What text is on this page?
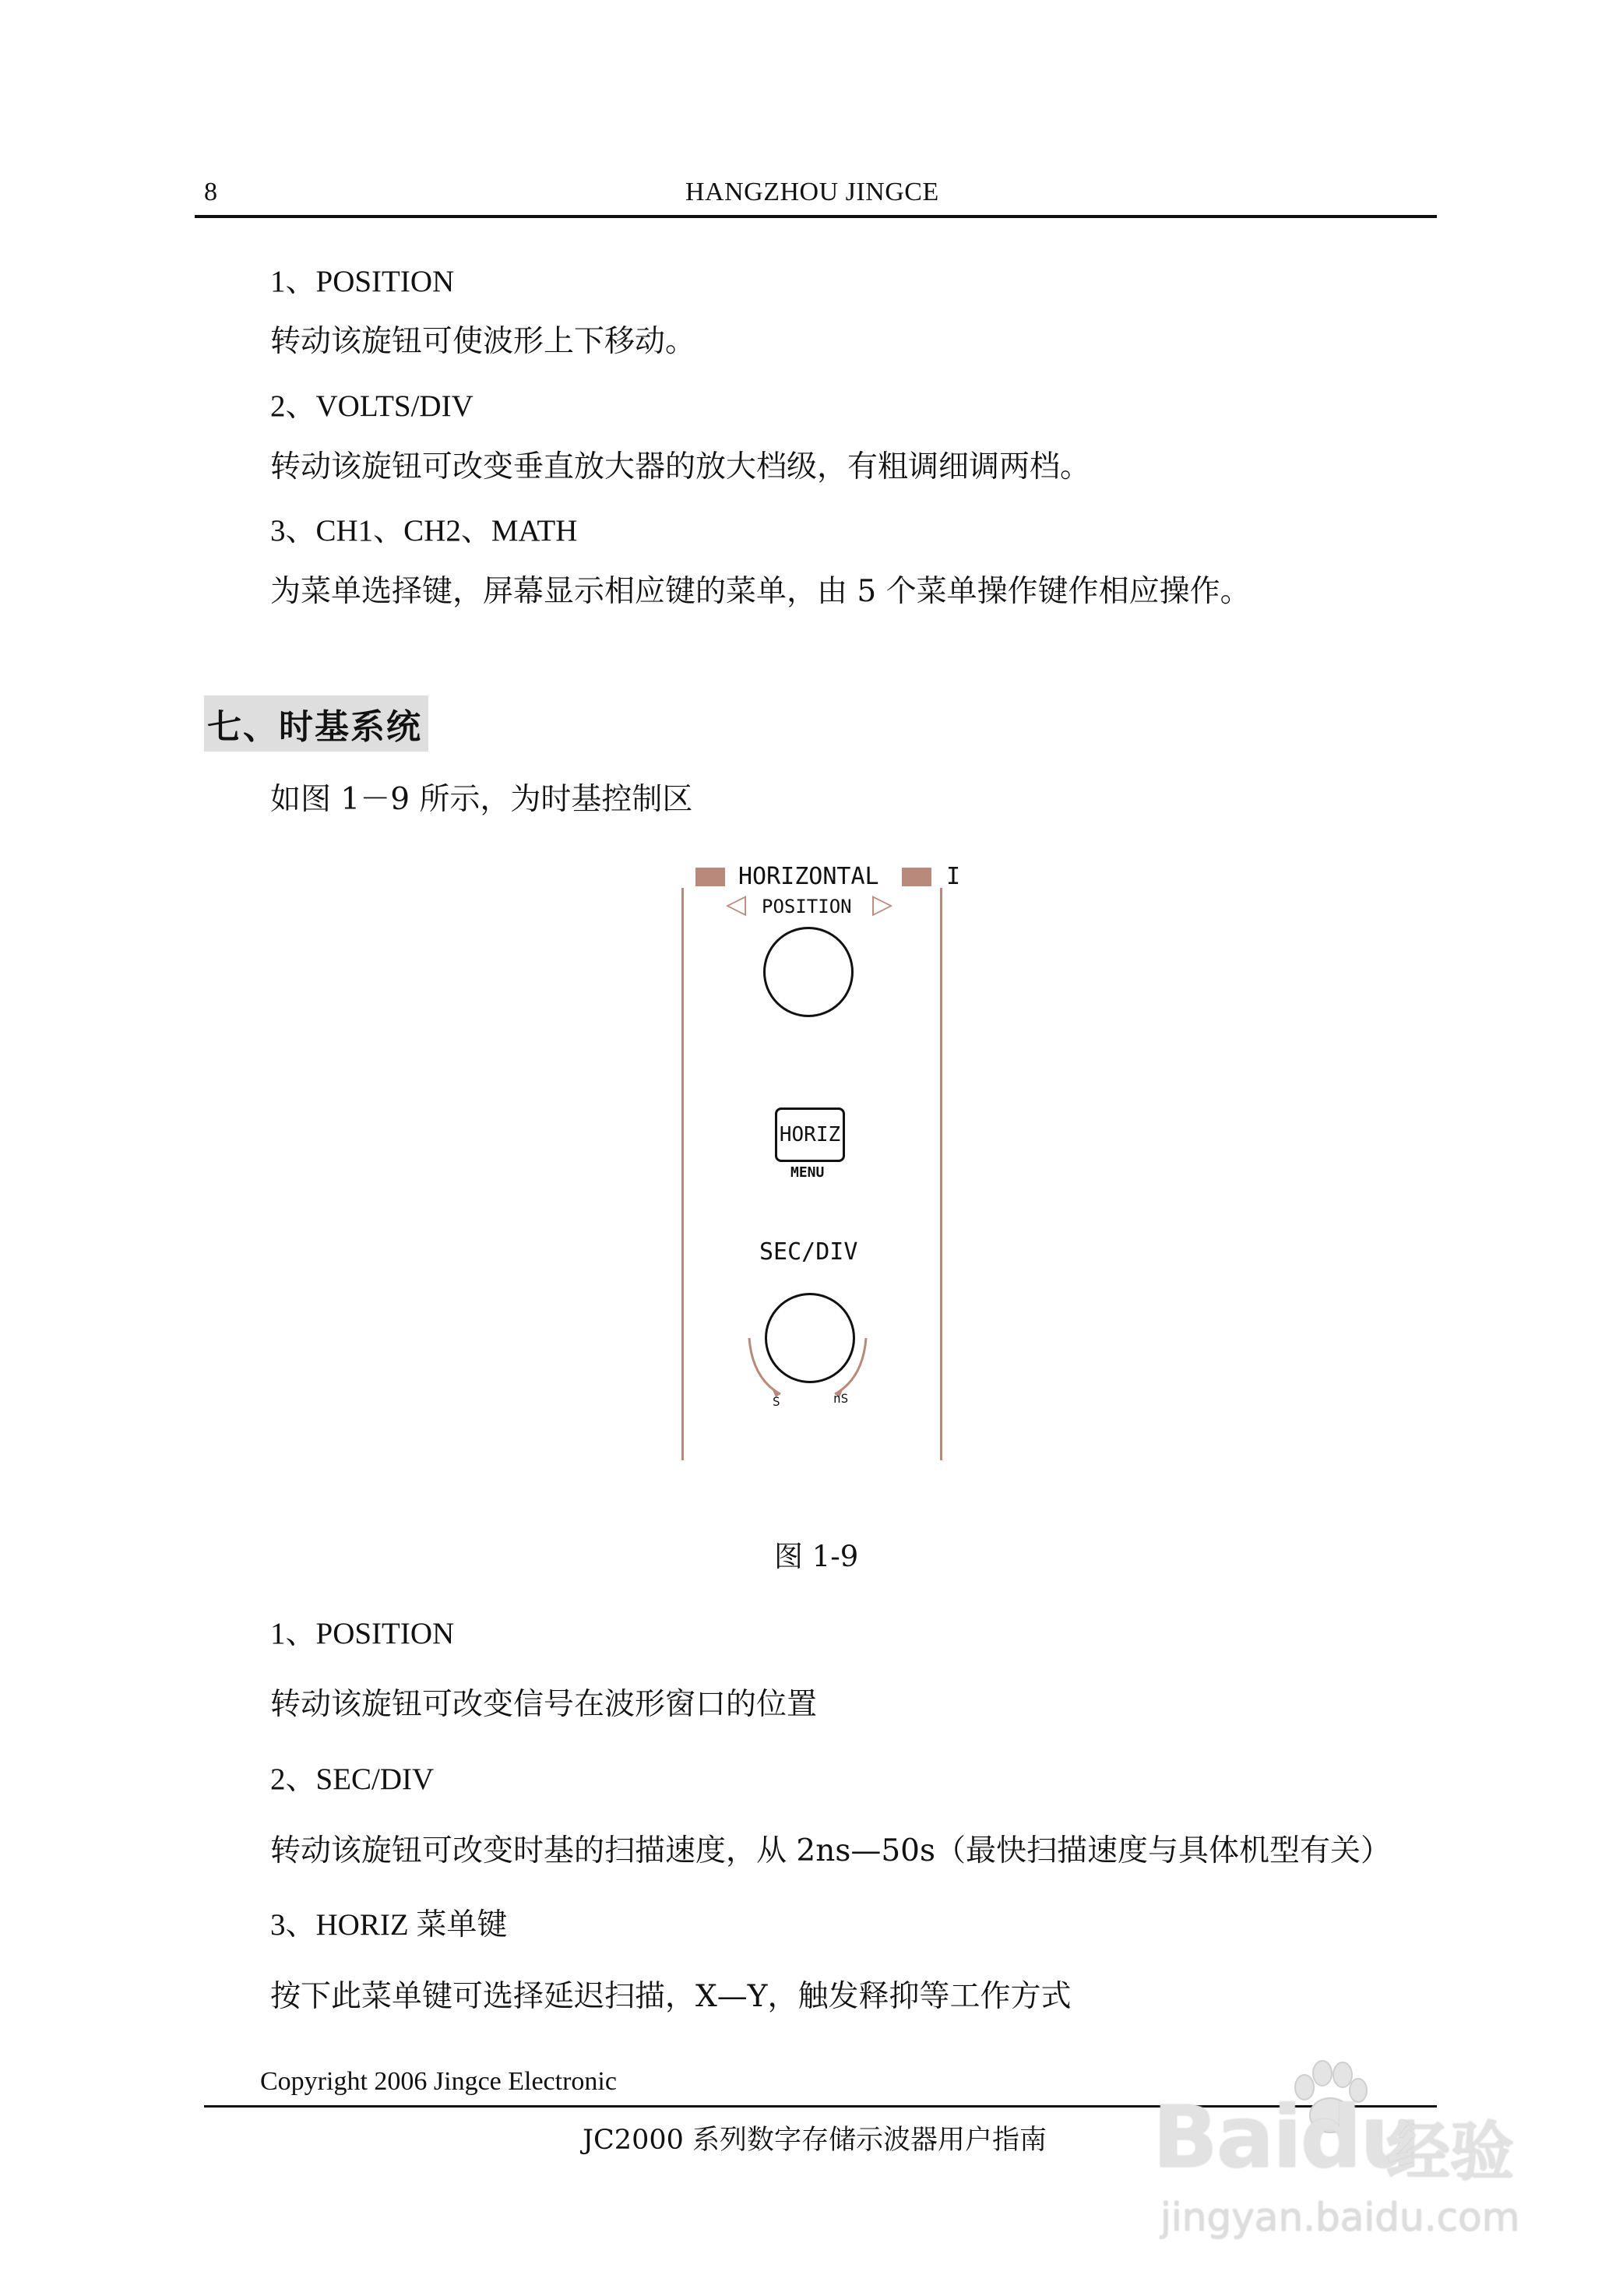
8	HANGZHOU JINGCE
1、POSITION
转动该旋钮可使波形上下移动。
2、VOLTS/DIV
转动该旋钮可改变垂直放大器的放大档级，有粗调细调两档。
3、CH1、CH2、MATH
为菜单选择键，屏幕显示相应键的菜单，由 5 个菜单操作键作相应操作。
七、时基系统
如图 1－9 所示，为时基控制区
HORIZONTAL	I
◁ POSITION ▷
HORIZ
MENU
SEC/DIV
S	nS
图 1-9
1、POSITION
转动该旋钮可改变信号在波形窗口的位置
2、SEC/DIV
转动该旋钮可改变时基的扫描速度，从 2ns—50s（最快扫描速度与具体机型有关）
3、HORIZ 菜单键
按下此菜单键可选择延迟扫描，X—Y，触发释抑等工作方式
Copyright 2006 Jingce Electronic
JC2000 系列数字存储示波器用户指南 Baidu
经验
jingyan.baidu.com
